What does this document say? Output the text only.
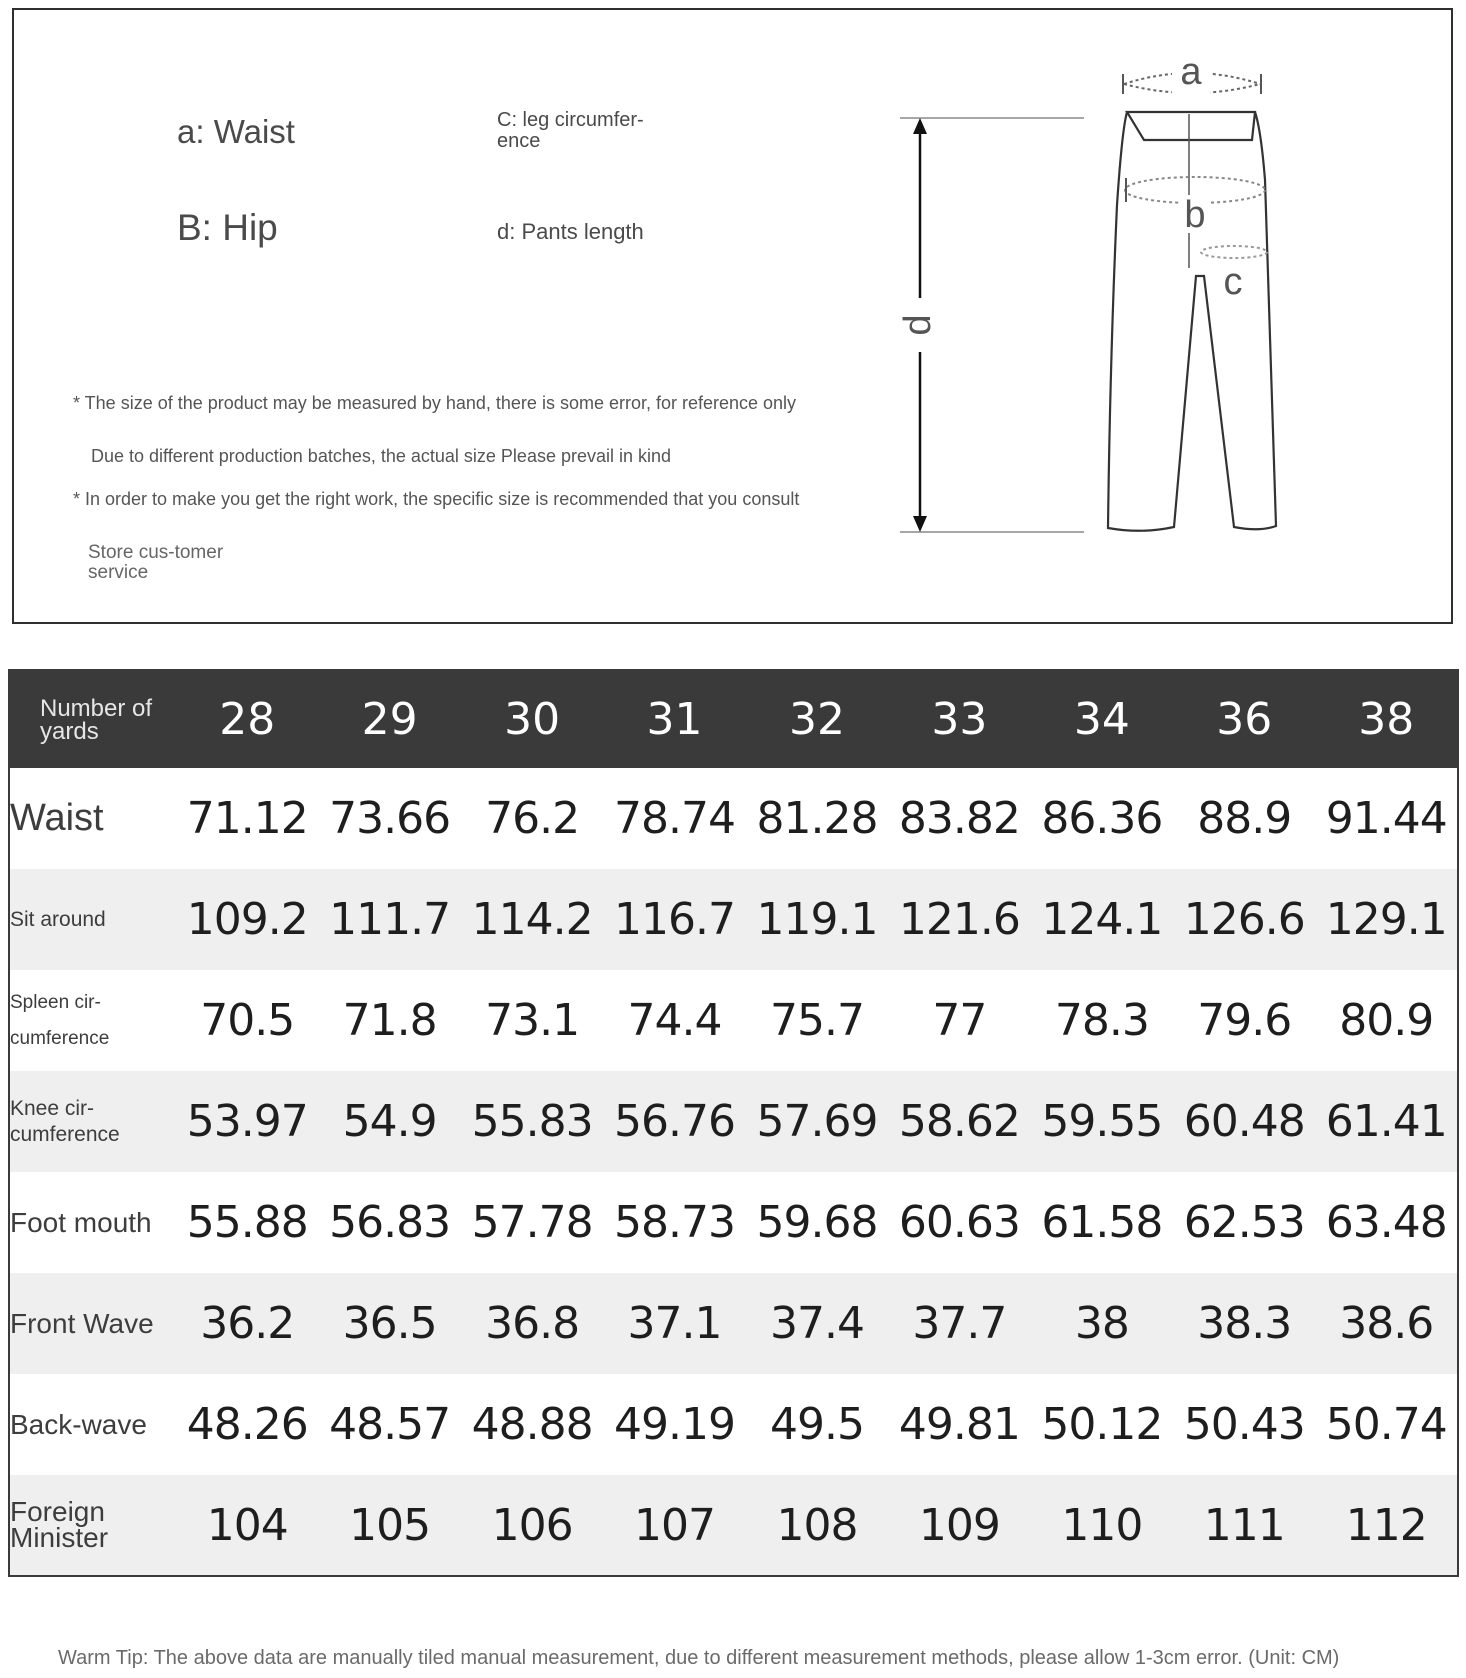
a: Waist
B: Hip
C: leg circumfer-ence
d: Pants length
* The size of the product may be measured by hand, there is some error, for reference only
Due to different production batches, the actual size Please prevail in kind
* In order to make you get the right work, the specific size is recommended that you consult
Store cus-tomer service
d
a
b
c
Number of yards	28	29	30	31	32	33	34	36	38
Waist	71.12	73.66	76.2	78.74	81.28	83.82	86.36	88.9	91.44
Sit around	109.2	111.7	114.2	116.7	119.1	121.6	124.1	126.6	129.1
Spleen cir-cumference	70.5	71.8	73.1	74.4	75.7	77	78.3	79.6	80.9
Knee cir-cumference	53.97	54.9	55.83	56.76	57.69	58.62	59.55	60.48	61.41
Foot mouth	55.88	56.83	57.78	58.73	59.68	60.63	61.58	62.53	63.48
Front Wave	36.2	36.5	36.8	37.1	37.4	37.7	38	38.3	38.6
Back-wave	48.26	48.57	48.88	49.19	49.5	49.81	50.12	50.43	50.74
Foreign Minister	104	105	106	107	108	109	110	111	112
Warm Tip: The above data are manually tiled manual measurement, due to different measurement methods, please allow 1-3cm error. (Unit: CM)
